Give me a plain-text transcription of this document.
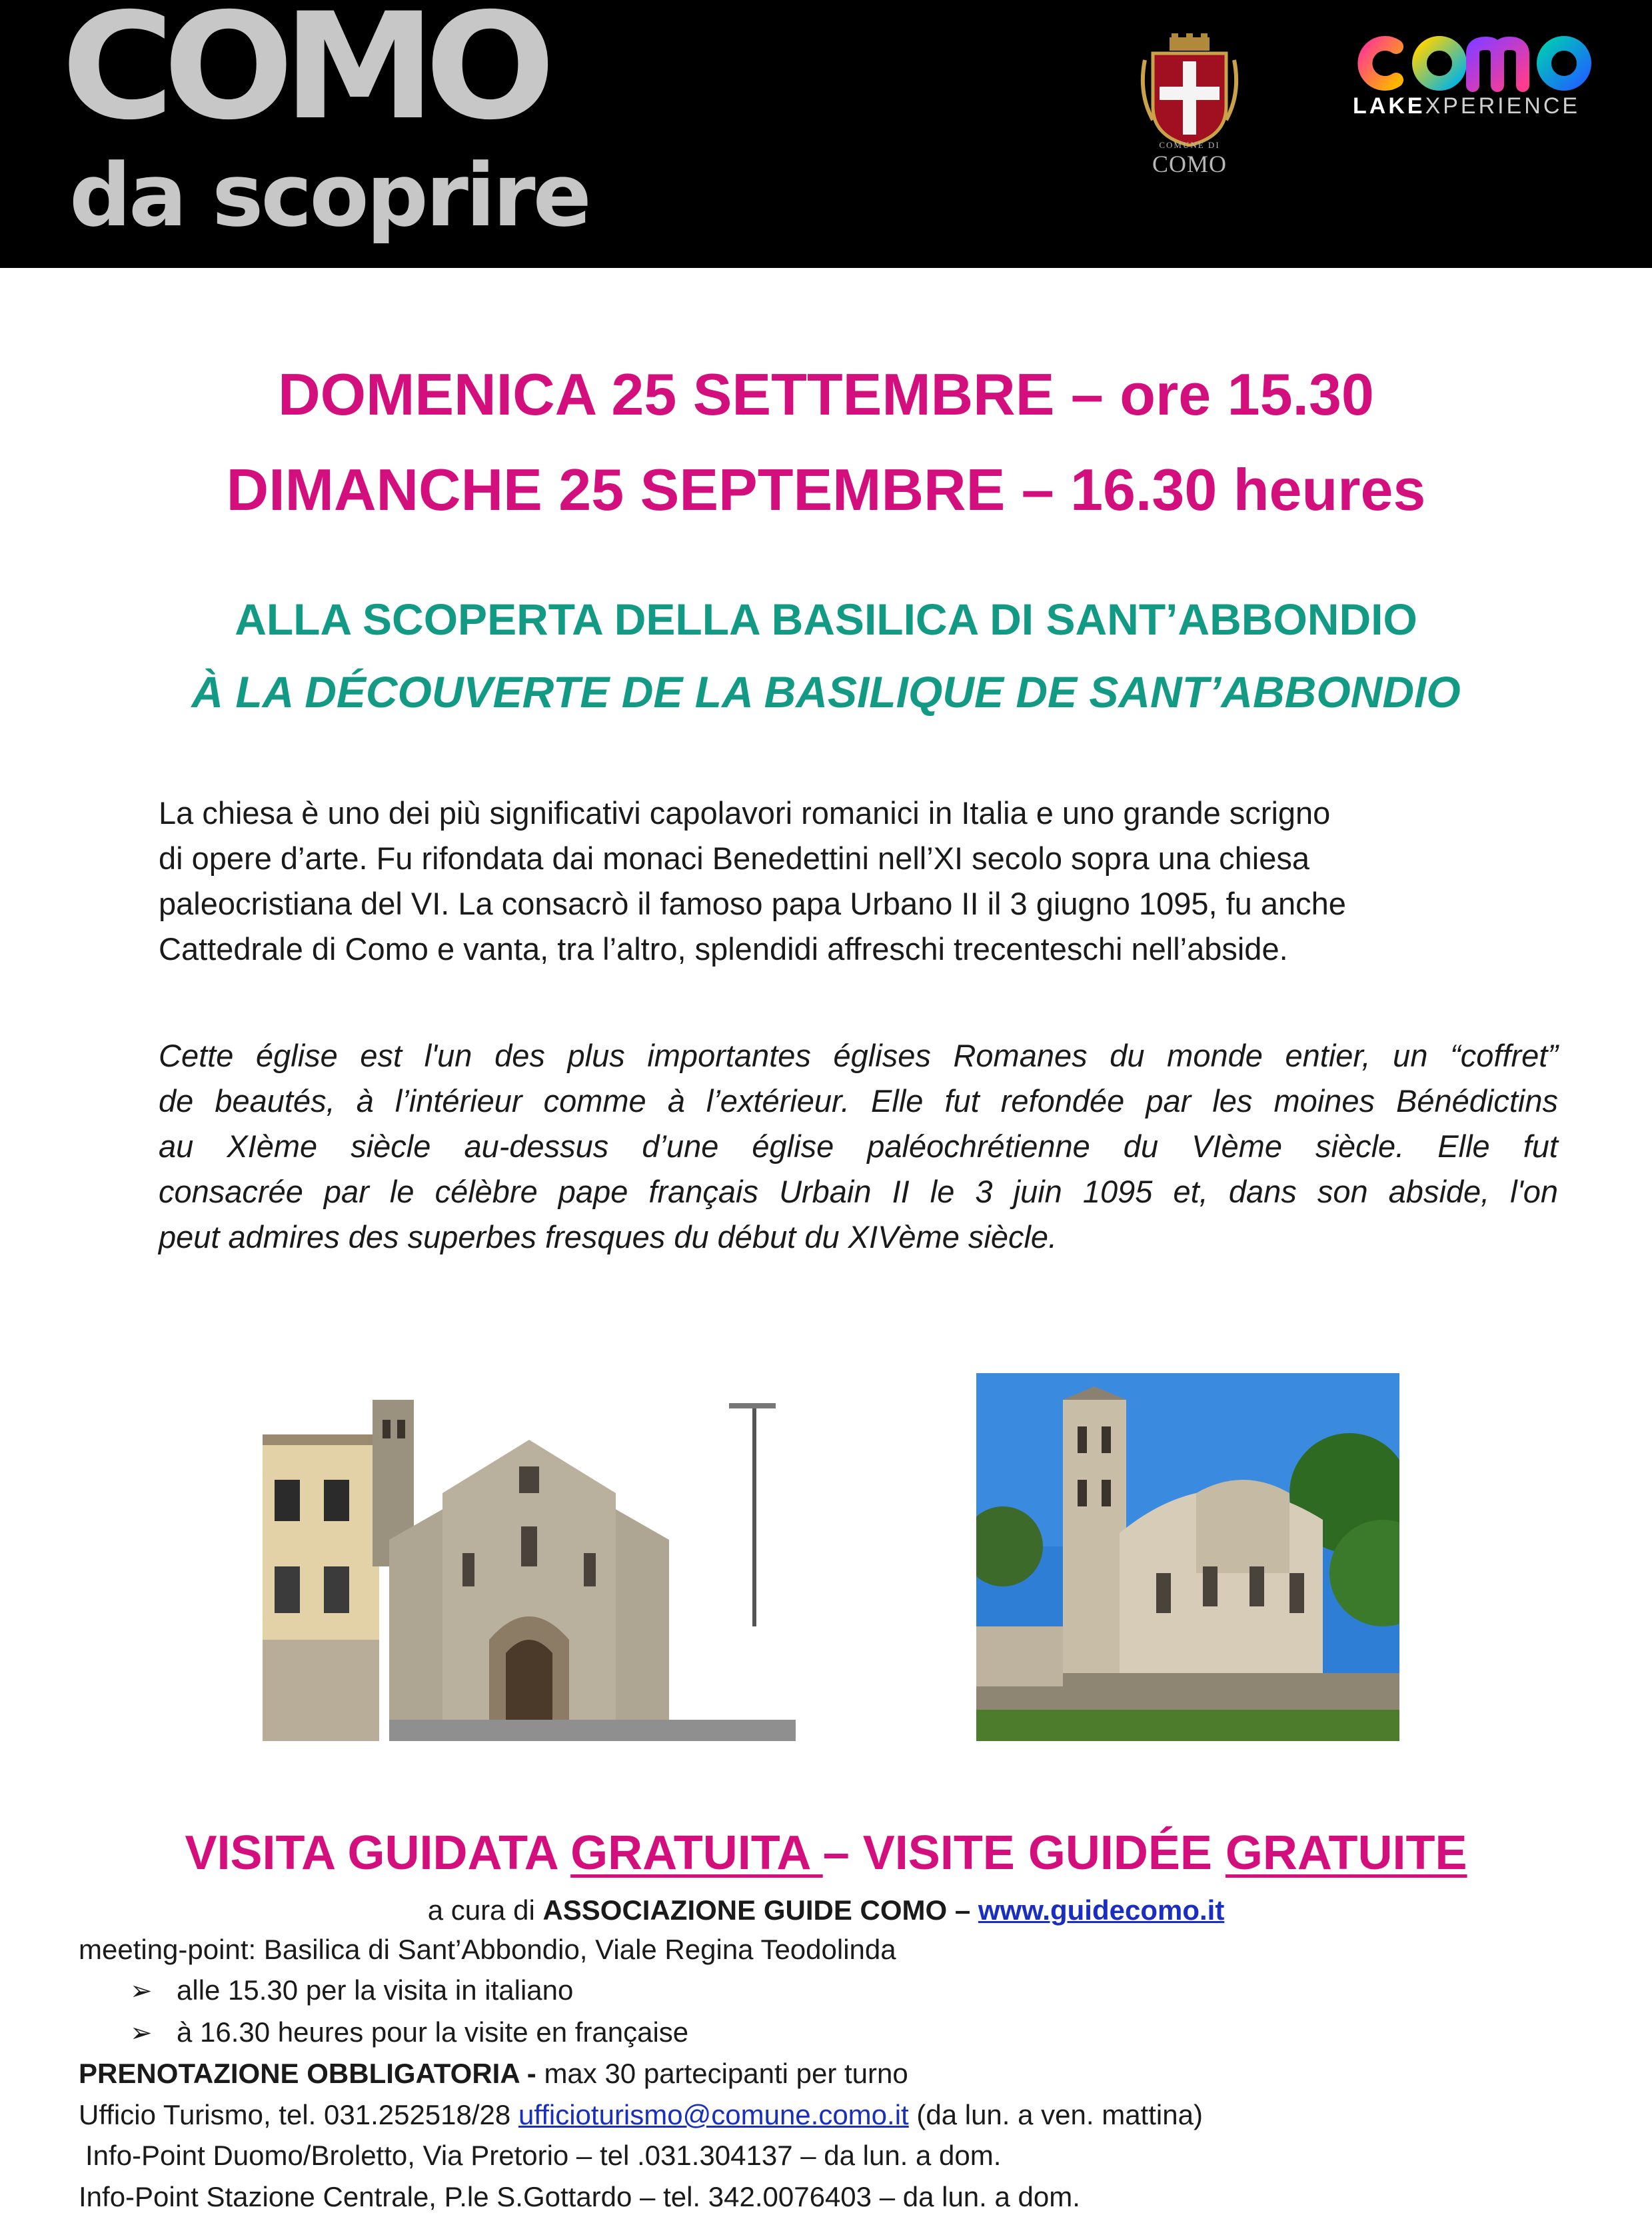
COMO
da scoprire	COMUNE DI
COMO
LAKEXPERIENCE
DOMENICA 25 SETTEMBRE – ore 15.30
DIMANCHE 25 SEPTEMBRE – 16.30 heures
ALLA SCOPERTA DELLA BASILICA DI SANT’ABBONDIO
À LA DÉCOUVERTE DE LA BASILIQUE DE SANT’ABBONDIO
La chiesa è uno dei più significativi capolavori romanici in Italia e uno grande scrigno
di opere d’arte. Fu rifondata dai monaci Benedettini nell’XI secolo sopra una chiesa
paleocristiana del VI. La consacrò il famoso papa Urbano II il 3 giugno 1095, fu anche
Cattedrale di Como e vanta, tra l’altro, splendidi affreschi trecenteschi nell’abside.
Cette église est l'un des plus importantes églises Romanes du monde entier, un “coffret”
de beautés, à l’intérieur comme à l’extérieur. Elle fut refondée par les moines Bénédictins
au XIème siècle au-dessus d’une église paléochrétienne du VIème siècle. Elle fut
consacrée par le célèbre pape français Urbain II le 3 juin 1095 et, dans son abside, l'on
peut admires des superbes fresques du début du XIVème siècle.
VISITA GUIDATA GRATUITA – VISITE GUIDÉE GRATUITE
a cura di ASSOCIAZIONE GUIDE COMO – www.guidecomo.it
meeting-point: Basilica di Sant’Abbondio, Viale Regina Teodolinda
➢ alle 15.30 per la visita in italiano
➢ à 16.30 heures pour la visite en française
PRENOTAZIONE OBBLIGATORIA - max 30 partecipanti per turno
Ufficio Turismo, tel. 031.252518/28 ufficioturismo@comune.como.it (da lun. a ven. mattina)
Info-Point Duomo/Broletto, Via Pretorio – tel .031.304137 – da lun. a dom.
Info-Point Stazione Centrale, P.le S.Gottardo – tel. 342.0076403 – da lun. a dom.
